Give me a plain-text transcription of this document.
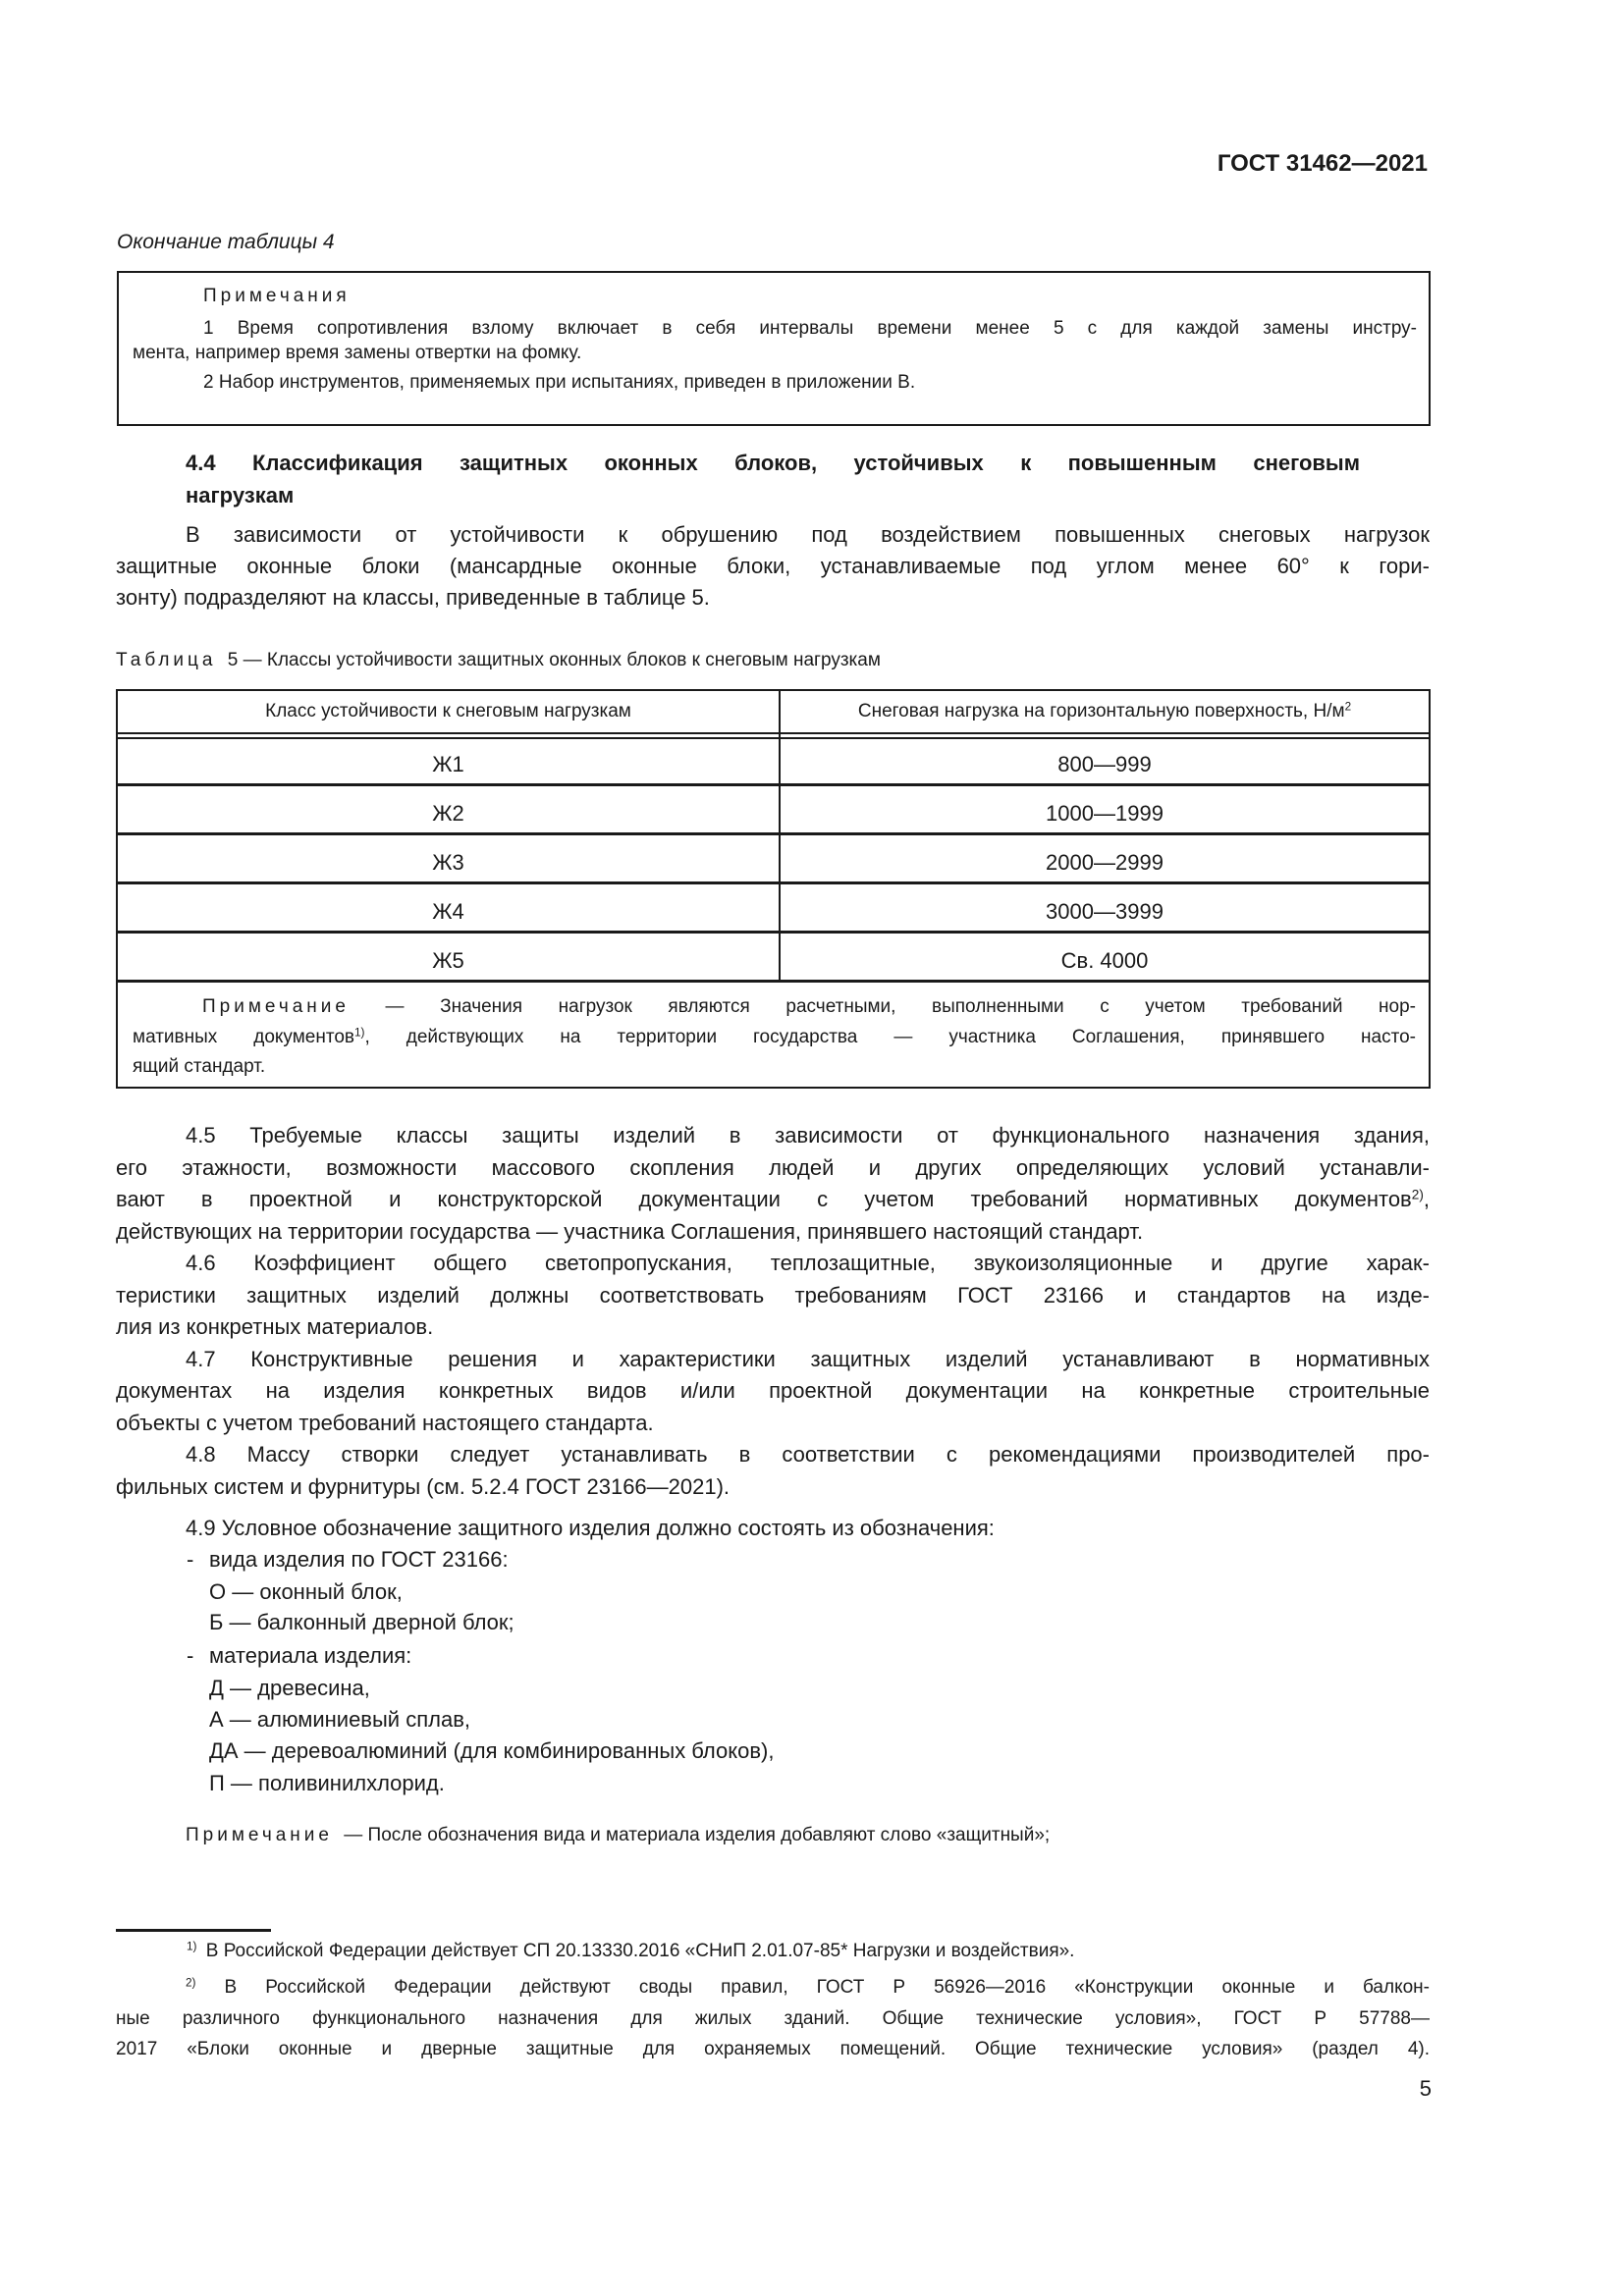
ГОСТ 31462—2021
Окончание таблицы 4
Примечания
1 Время сопротивления взлому включает в себя интервалы времени менее 5 с для каждой замены инстру-
мента, например время замены отвертки на фомку.
2 Набор инструментов, применяемых при испытаниях, приведен в приложении В.
4.4 Классификация защитных оконных блоков, устойчивых к повышенным снеговым
нагрузкам
В зависимости от устойчивости к обрушению под воздействием повышенных снеговых нагрузок
защитные оконные блоки (мансардные оконные блоки, устанавливаемые под углом менее 60° к гори-
зонту) подразделяют на классы, приведенные в таблице 5.
Таблица 5 — Классы устойчивости защитных оконных блоков к снеговым нагрузкам
Класс устойчивости к снеговым нагрузкам	Снеговая нагрузка на горизонтальную поверхность, $Н/м^2$
Ж1	800—999
Ж2	1000—1999
Ж3	2000—2999
Ж4	3000—3999
Ж5	Св. 4000
Примечание — Значения нагрузок являются расчетными, выполненными с учетом требований нор-
мативных документов$^{1)}$, действующих на территории государства — участника Соглашения, принявшего насто-
ящий стандарт.
4.5 Требуемые классы защиты изделий в зависимости от функционального назначения здания,
его этажности, возможности массового скопления людей и других определяющих условий устанавли-
вают в проектной и конструкторской документации с учетом требований нормативных документов$^{2)}$,
действующих на территории государства — участника Соглашения, принявшего настоящий стандарт.
4.6 Коэффициент общего светопропускания, теплозащитные, звукоизоляционные и другие харак-
теристики защитных изделий должны соответствовать требованиям ГОСТ 23166 и стандартов на изде-
лия из конкретных материалов.
4.7 Конструктивные решения и характеристики защитных изделий устанавливают в нормативных
документах на изделия конкретных видов и/или проектной документации на конкретные строительные
объекты с учетом требований настоящего стандарта.
4.8 Массу створки следует устанавливать в соответствии с рекомендациями производителей про-
фильных систем и фурнитуры (см. 5.2.4 ГОСТ 23166—2021).
4.9 Условное обозначение защитного изделия должно состоять из обозначения:
- вида изделия по ГОСТ 23166:
О — оконный блок,
Б — балконный дверной блок;
- материала изделия:
Д — древесина,
А — алюминиевый сплав,
ДА — деревоалюминий (для комбинированных блоков),
П — поливинилхлорид.
Примечание — После обозначения вида и материала изделия добавляют слово «защитный»;
$^{1)}$ В Российской Федерации действует СП 20.13330.2016 «СНиП 2.01.07-85* Нагрузки и воздействия».
$^{2)}$ В Российской Федерации действуют своды правил, ГОСТ Р 56926—2016 «Конструкции оконные и балкон-
ные различного функционального назначения для жилых зданий. Общие технические условия», ГОСТ Р 57788—
2017 «Блоки оконные и дверные защитные для охраняемых помещений. Общие технические условия» (раздел 4).
5
